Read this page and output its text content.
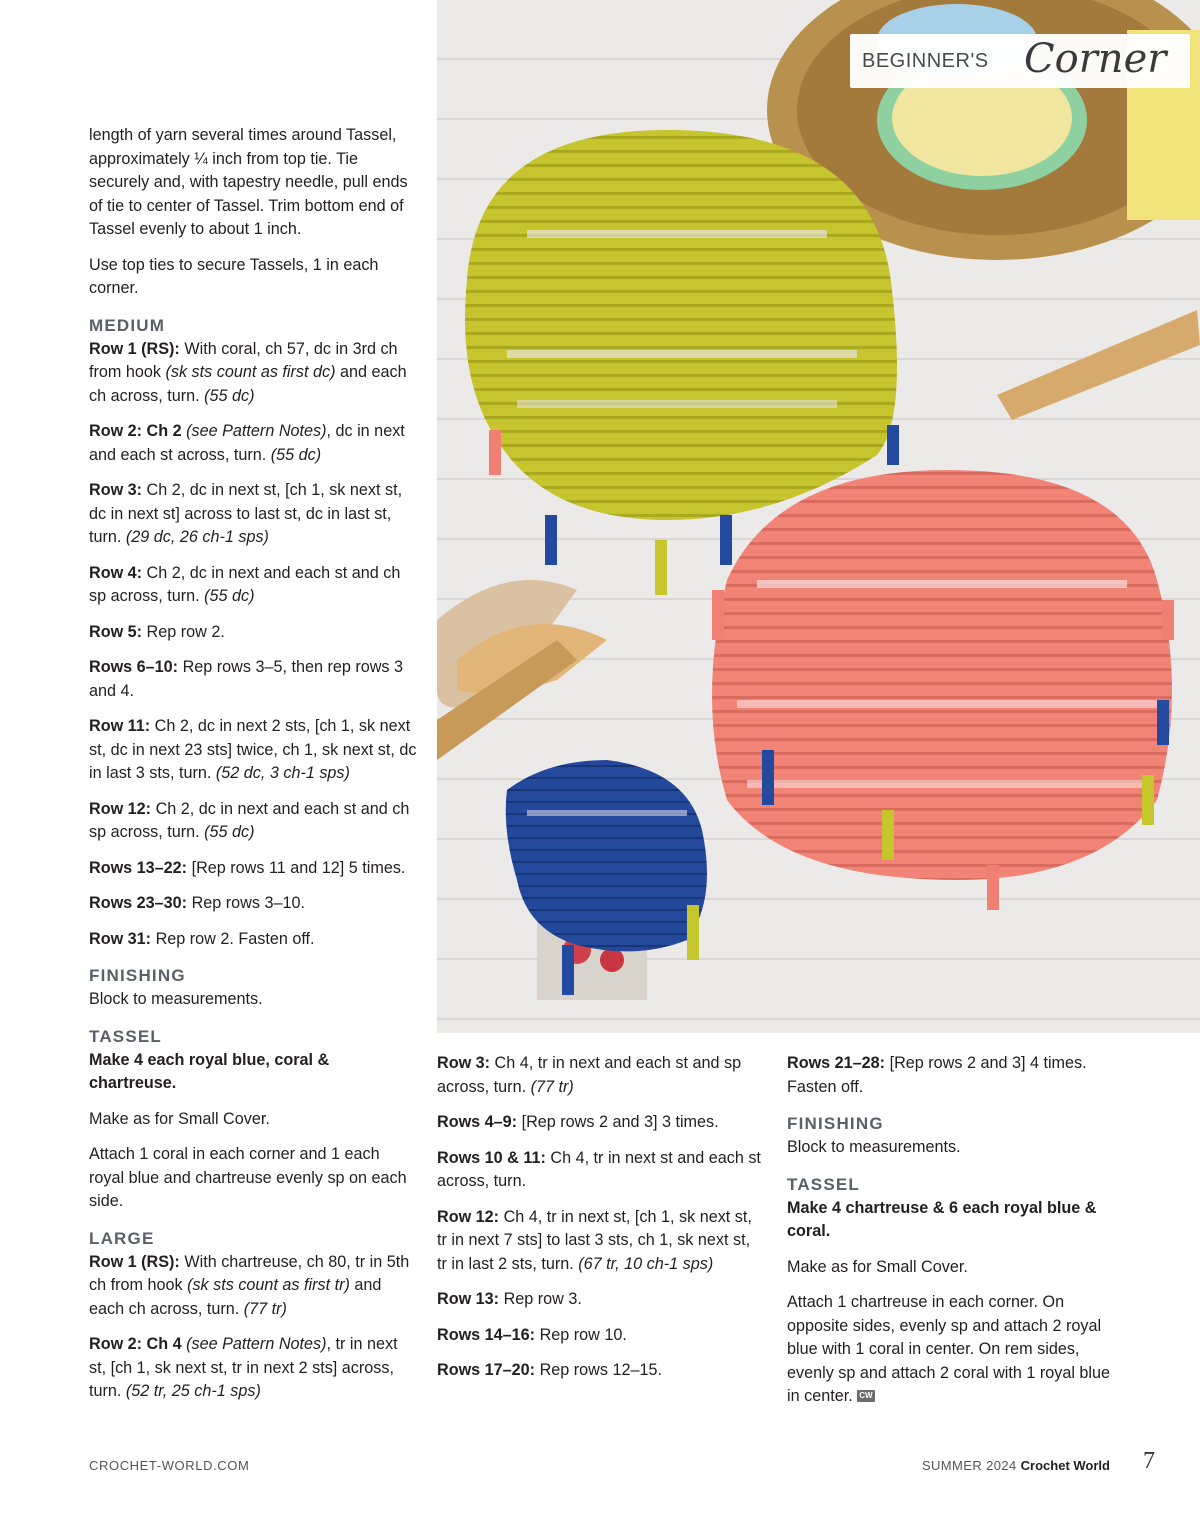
BEGINNER'S Corner

length of yarn several times around Tassel, approximately ¼ inch from top tie. Tie securely and, with tapestry needle, pull ends of tie to center of Tassel. Trim bottom end of Tassel evenly to about 1 inch.

Use top ties to secure Tassels, 1 in each corner.

MEDIUM

Row 1 (RS): With coral, ch 57, dc in 3rd ch from hook (sk sts count as first dc) and each ch across, turn. (55 dc)

Row 2: Ch 2 (see Pattern Notes), dc in next and each st across, turn. (55 dc)

Row 3: Ch 2, dc in next st, [ch 1, sk next st, dc in next st] across to last st, dc in last st, turn. (29 dc, 26 ch-1 sps)

Row 4: Ch 2, dc in next and each st and ch sp across, turn. (55 dc)

Row 5: Rep row 2.

Rows 6–10: Rep rows 3–5, then rep rows 3 and 4.

Row 11: Ch 2, dc in next 2 sts, [ch 1, sk next st, dc in next 23 sts] twice, ch 1, sk next st, dc in last 3 sts, turn. (52 dc, 3 ch-1 sps)

Row 12: Ch 2, dc in next and each st and ch sp across, turn. (55 dc)

Rows 13–22: [Rep rows 11 and 12] 5 times.

Rows 23–30: Rep rows 3–10.

Row 31: Rep row 2. Fasten off.

FINISHING

Block to measurements.

TASSEL

Make 4 each royal blue, coral & chartreuse.

Make as for Small Cover.

Attach 1 coral in each corner and 1 each royal blue and chartreuse evenly sp on each side.

LARGE

Row 1 (RS): With chartreuse, ch 80, tr in 5th ch from hook (sk sts count as first tr) and each ch across, turn. (77 tr)

Row 2: Ch 4 (see Pattern Notes), tr in next st, [ch 1, sk next st, tr in next 2 sts] across, turn. (52 tr, 25 ch-1 sps)

Row 3: Ch 4, tr in next and each st and sp across, turn. (77 tr)

Rows 4–9: [Rep rows 2 and 3] 3 times.

Rows 10 & 11: Ch 4, tr in next st and each st across, turn.

Row 12: Ch 4, tr in next st, [ch 1, sk next st, tr in next 7 sts] to last 3 sts, ch 1, sk next st, tr in last 2 sts, turn. (67 tr, 10 ch-1 sps)

Row 13: Rep row 3.

Rows 14–16: Rep row 10.

Rows 17–20: Rep rows 12–15.

Rows 21–28: [Rep rows 2 and 3] 4 times. Fasten off.

FINISHING

Block to measurements.

TASSEL

Make 4 chartreuse & 6 each royal blue & coral.

Make as for Small Cover.

Attach 1 chartreuse in each corner. On opposite sides, evenly sp and attach 2 royal blue with 1 coral in center. On rem sides, evenly sp and attach 2 coral with 1 royal blue in center. CW

CROCHET-WORLD.COM	SUMMER 2024 Crochet World 7
